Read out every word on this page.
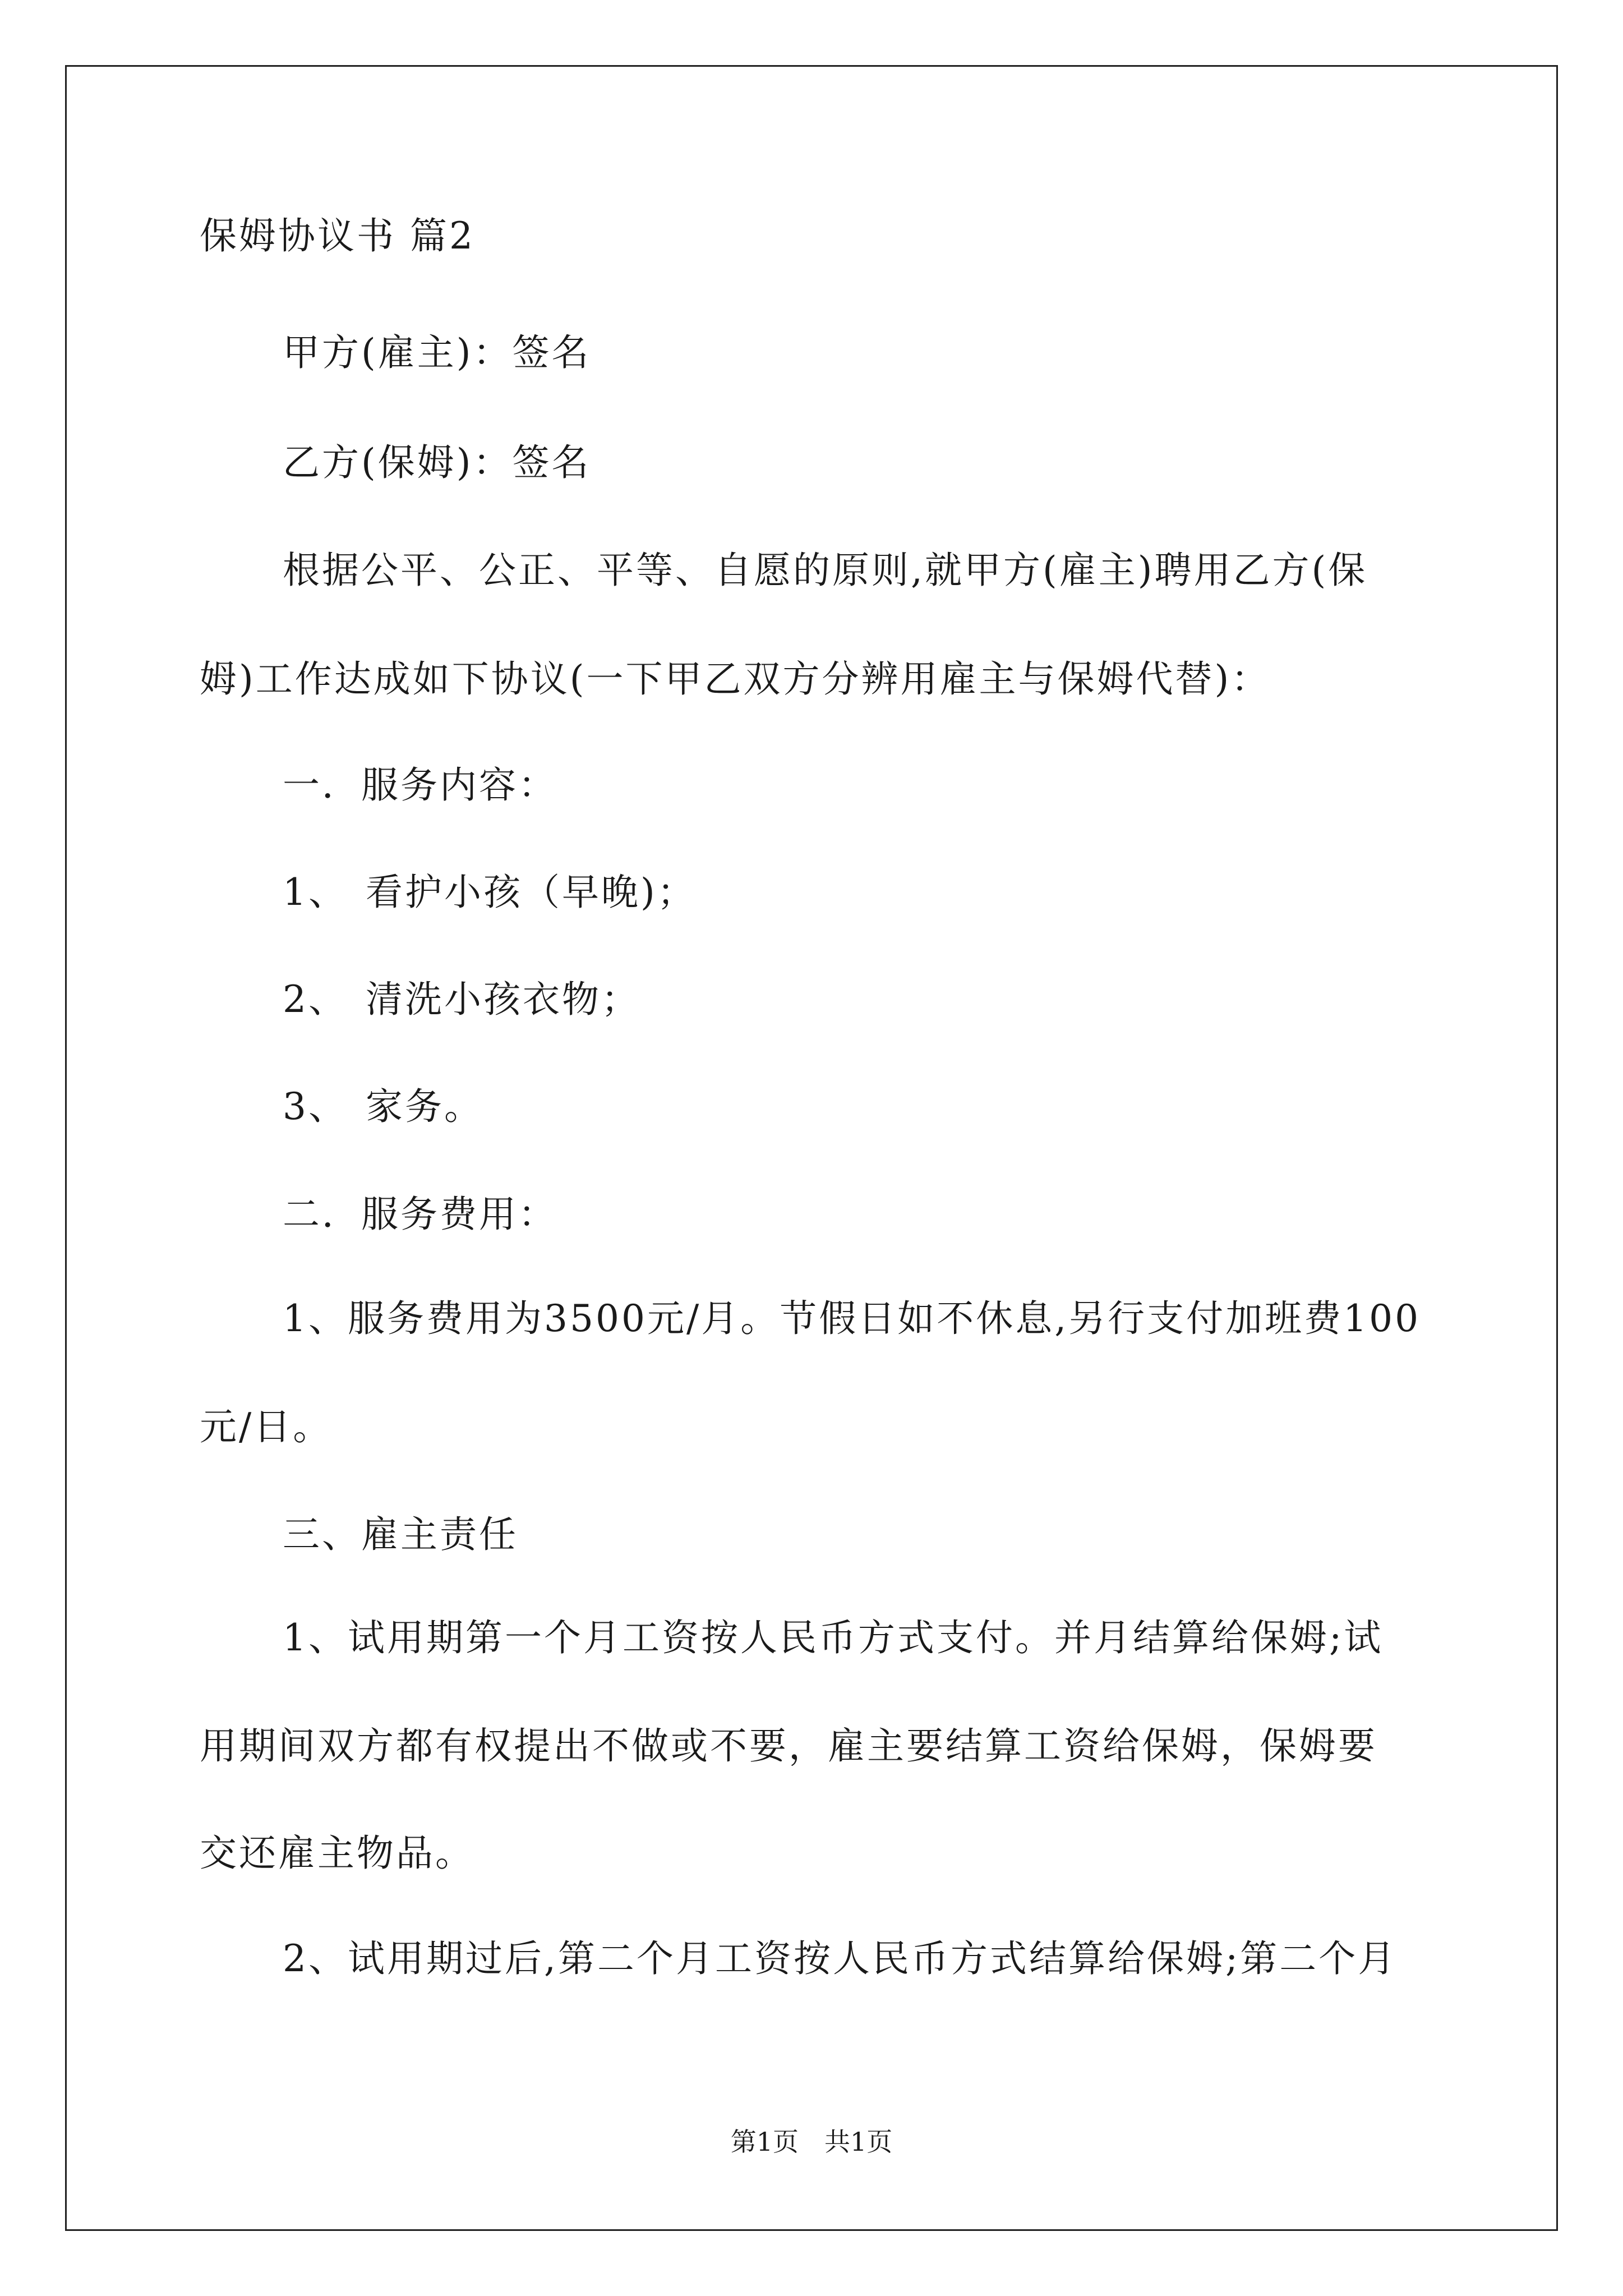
保姆协议书 篇2
甲方(雇主)：签名
乙方(保姆)：签名
根据公平、公正、平等、自愿的原则,就甲方(雇主)聘用乙方(保
姆)工作达成如下协议(一下甲乙双方分辨用雇主与保姆代替)：
一．服务内容：
1、 看护小孩（早晚)；
2、 清洗小孩衣物；
3、 家务。
二．服务费用：
1、服务费用为3500元/月。节假日如不休息,另行支付加班费100
元/日。
三、雇主责任
1、试用期第一个月工资按人民币方式支付。并月结算给保姆;试
用期间双方都有权提出不做或不要，雇主要结算工资给保姆，保姆要
交还雇主物品。
2、试用期过后,第二个月工资按人民币方式结算给保姆;第二个月
第1页 共1页
